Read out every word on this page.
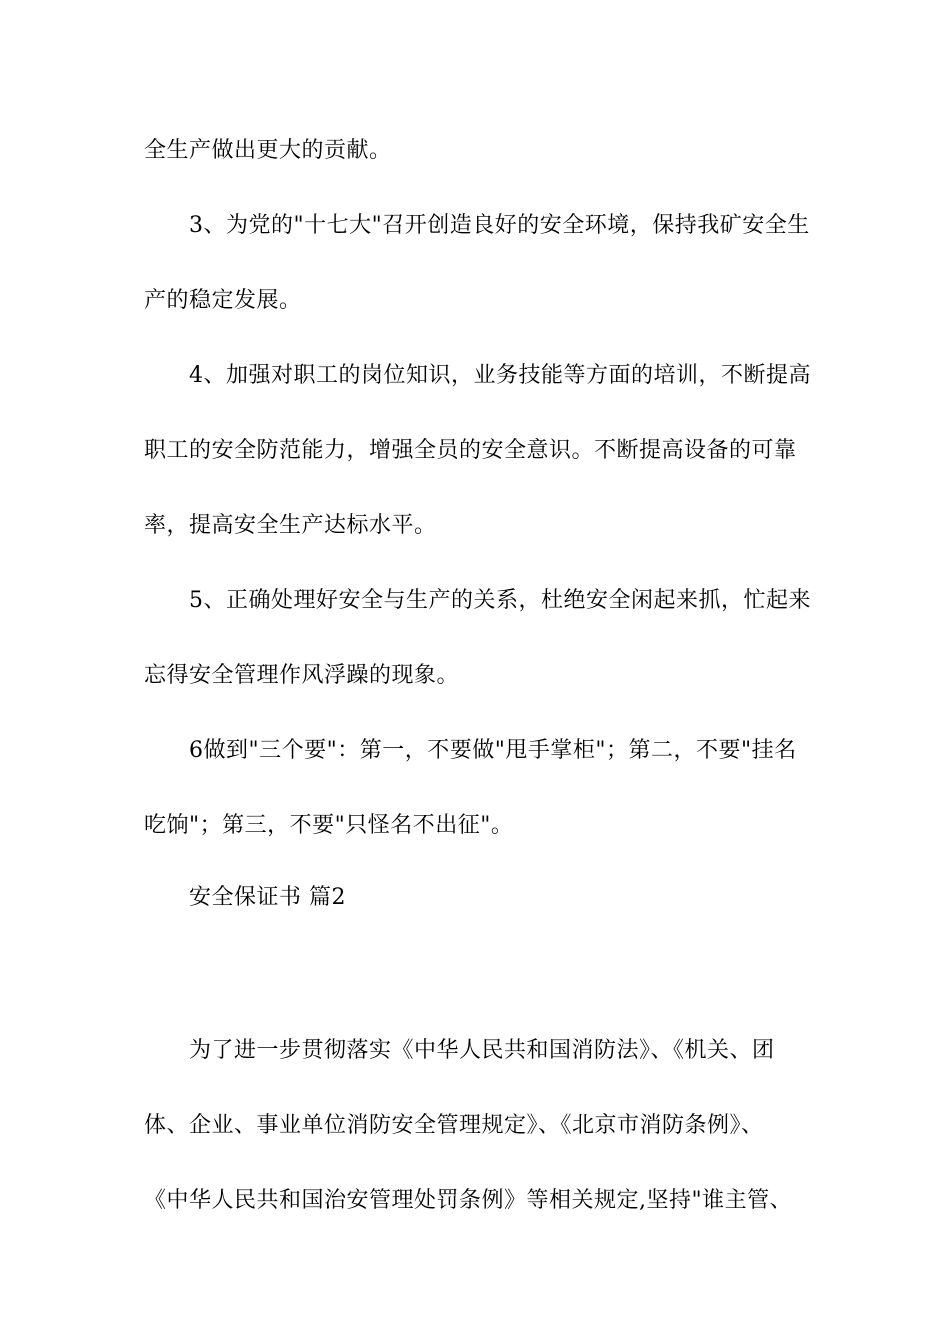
全生产做出更大的贡献。
3、为党的"十七大"召开创造良好的安全环境，保持我矿安全生
产的稳定发展。
4、加强对职工的岗位知识，业务技能等方面的培训，不断提高
职工的安全防范能力，增强全员的安全意识。不断提高设备的可靠
率，提高安全生产达标水平。
5、正确处理好安全与生产的关系，杜绝安全闲起来抓，忙起来
忘得安全管理作风浮躁的现象。
6做到"三个要"：第一，不要做"甩手掌柜"；第二，不要"挂名
吃饷"；第三，不要"只怪名不出征"。
安全保证书 篇2
为了进一步贯彻落实《中华人民共和国消防法》、《机关、团
体、企业、事业单位消防安全管理规定》、《北京市消防条例》、
《中华人民共和国治安管理处罚条例》等相关规定,坚持"谁主管、
